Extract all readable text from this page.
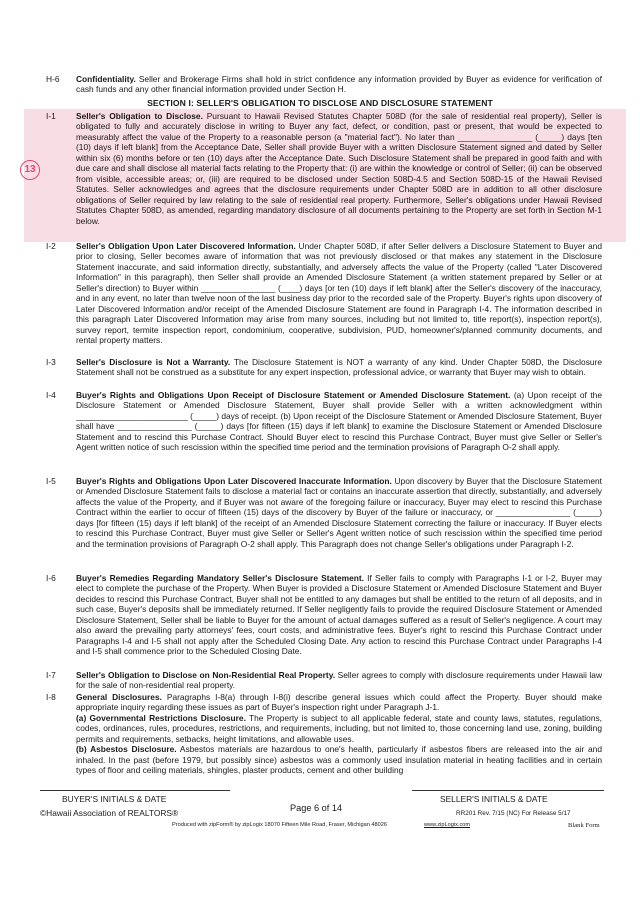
13
H-6	Confidentiality. Seller and Brokerage Firms shall hold in strict confidence any information provided by Buyer as evidence for verification of cash funds and any other financial information provided under Section H.
SECTION I: SELLER'S OBLIGATION TO DISCLOSE AND DISCLOSURE STATEMENT
I-1	Seller's Obligation to Disclose. Pursuant to Hawaii Revised Statutes Chapter 508D (for the sale of residential real property), Seller is obligated to fully and accurately disclose in writing to Buyer any fact, defect, or condition, past or present, that would be expected to measurably affect the value of the Property to a reasonable person (a "material fact"). No later than ________________ (_____) days [ten (10) days if left blank] from the Acceptance Date, Seller shall provide Buyer with a written Disclosure Statement signed and dated by Seller within six (6) months before or ten (10) days after the Acceptance Date. Such Disclosure Statement shall be prepared in good faith and with due care and shall disclose all material facts relating to the Property that: (i) are within the knowledge or control of Seller; (ii) can be observed from visible, accessible areas; or, (iii) are required to be disclosed under Section 508D-4.5 and Section 508D-15 of the Hawaii Revised Statutes. Seller acknowledges and agrees that the disclosure requirements under Chapter 508D are in addition to all other disclosure obligations of Seller required by law relating to the sale of residential real property. Furthermore, Seller's obligations under Hawaii Revised Statutes Chapter 508D, as amended, regarding mandatory disclosure of all documents pertaining to the Property are set forth in Section M-1 below.
I-2	Seller's Obligation Upon Later Discovered Information. Under Chapter 508D, if after Seller delivers a Disclosure Statement to Buyer and prior to closing, Seller becomes aware of information that was not previously disclosed or that makes any statement in the Disclosure Statement inaccurate, and said information directly, substantially, and adversely affects the value of the Property (called "Later Discovered Information" in this paragraph), then Seller shall provide an Amended Disclosure Statement (a written statement prepared by Seller or at Seller's direction) to Buyer within ________________ (____) days [or ten (10) days if left blank] after the Seller's discovery of the inaccuracy, and in any event, no later than twelve noon of the last business day prior to the recorded sale of the Property. Buyer's rights upon discovery of Later Discovered Information and/or receipt of the Amended Disclosure Statement are found in Paragraph I-4. The information described in this paragraph Later Discovered Information may arise from many sources, including but not limited to, title report(s), inspection report(s), survey report, termite inspection report, condominium, cooperative, subdivision, PUD, homeowner's/planned community documents, and rental property matters.
I-3	Seller's Disclosure is Not a Warranty. The Disclosure Statement is NOT a warranty of any kind. Under Chapter 508D, the Disclosure Statement shall not be construed as a substitute for any expert inspection, professional advice, or warranty that Buyer may wish to obtain.
I-4	Buyer's Rights and Obligations Upon Receipt of Disclosure Statement or Amended Disclosure Statement. (a) Upon receipt of the Disclosure Statement or Amended Disclosure Statement, Buyer shall provide Seller with a written acknowledgment within ________________________ (_____) days of receipt. (b) Upon receipt of the Disclosure Statement or Amended Disclosure Statement, Buyer shall have ________________ (_____) days [for fifteen (15) days if left blank] to examine the Disclosure Statement or Amended Disclosure Statement and to rescind this Purchase Contract. Should Buyer elect to rescind this Purchase Contract, Buyer must give Seller or Seller's Agent written notice of such rescission within the specified time period and the termination provisions of Paragraph O-2 shall apply.
I-5	Buyer's Rights and Obligations Upon Later Discovered Inaccurate Information. Upon discovery by Buyer that the Disclosure Statement or Amended Disclosure Statement fails to disclose a material fact or contains an inaccurate assertion that directly, substantially, and adversely affects the value of the Property, and if Buyer was not aware of the foregoing failure or inaccuracy, Buyer may elect to rescind this Purchase Contract within the earlier to occur of fifteen (15) days of the discovery by Buyer of the failure or inaccuracy, or ________________ (_____) days [for fifteen (15) days if left blank] of the receipt of an Amended Disclosure Statement correcting the failure or inaccuracy. If Buyer elects to rescind this Purchase Contract, Buyer must give Seller or Seller's Agent written notice of such rescission within the specified time period and the termination provisions of Paragraph O-2 shall apply. This Paragraph does not change Seller's obligations under Paragraph I-2.
I-6	Buyer's Remedies Regarding Mandatory Seller's Disclosure Statement. If Seller fails to comply with Paragraphs I-1 or I-2, Buyer may elect to complete the purchase of the Property. When Buyer is provided a Disclosure Statement or Amended Disclosure Statement and Buyer decides to rescind this Purchase Contract, Buyer shall not be entitled to any damages but shall be entitled to the return of all deposits, and in such case, Buyer's deposits shall be immediately returned. If Seller negligently fails to provide the required Disclosure Statement or Amended Disclosure Statement, Seller shall be liable to Buyer for the amount of actual damages suffered as a result of Seller's negligence. A court may also award the prevailing party attorneys' fees, court costs, and administrative fees. Buyer's right to rescind this Purchase Contract under Paragraphs I-4 and I-5 shall not apply after the Scheduled Closing Date. Any action to rescind this Purchase Contract under Paragraphs I-4 and I-5 shall commence prior to the Scheduled Closing Date.
I-7	Seller's Obligation to Disclose on Non-Residential Real Property. Seller agrees to comply with disclosure requirements under Hawaii law for the sale of non-residential real property.
I-8	General Disclosures. Paragraphs I-8(a) through I-8(i) describe general issues which could affect the Property. Buyer should make appropriate inquiry regarding these issues as part of Buyer's inspection right under Paragraph J-1.
(a) Governmental Restrictions Disclosure. The Property is subject to all applicable federal, state and county laws, statutes, regulations, codes, ordinances, rules, procedures, restrictions, and requirements, including, but not limited to, those concerning land use, zoning, building permits and requirements, setbacks, height limitations, and allowable uses.
(b) Asbestos Disclosure. Asbestos materials are hazardous to one's health, particularly if asbestos fibers are released into the air and inhaled. In the past (before 1979, but possibly since) asbestos was a commonly used insulation material in heating facilities and in certain types of floor and ceiling materials, shingles, plaster products, cement and other building
BUYER'S INITIALS & DATE	SELLER'S INITIALS & DATE
©Hawaii Association of REALTORS®	Page 6 of 14
RR201 Rev. 7/15 (NC) For Release 5/17
Produced with zipForm® by zipLogix 18070 Fifteen Mile Road, Fraser, Michigan 48026	www.zipLogix.com	Blank Form
